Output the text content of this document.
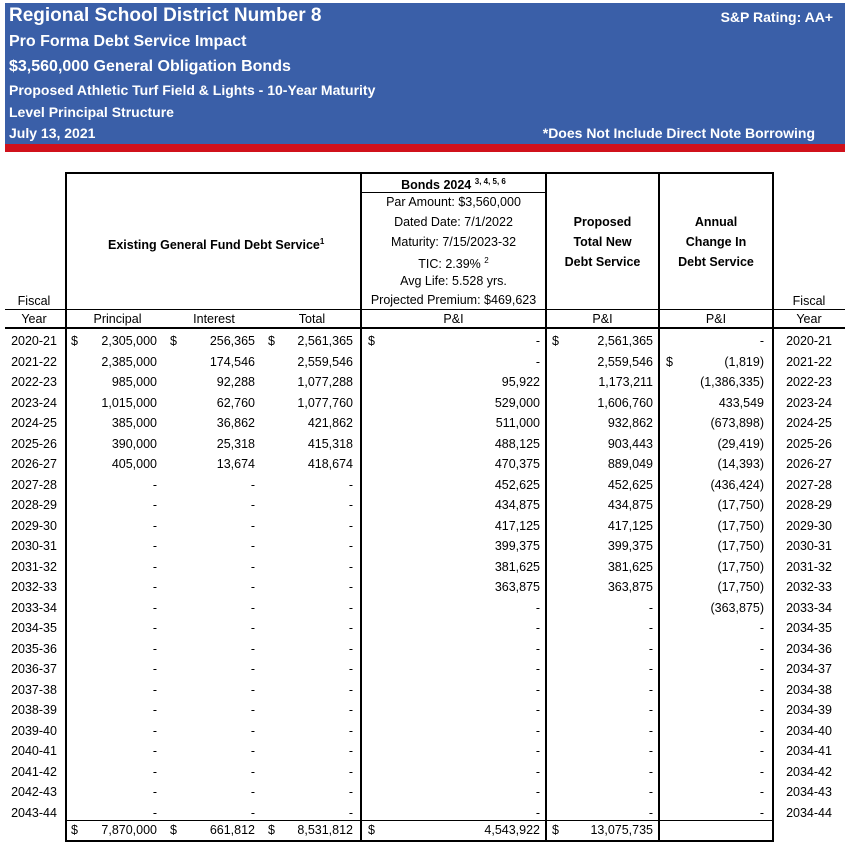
Regional School District Number 8	S&P Rating: AA+
Pro Forma Debt Service Impact
$3,560,000 General Obligation Bonds
Proposed Athletic Turf Field & Lights - 10-Year Maturity
Level Principal Structure
July 13, 2021	*Does Not Include Direct Note Borrowing
Existing General Fund Debt Service$^1$
Bonds 2024 $^{3, 4, 5, 6}$
Par Amount: $3,560,000
Dated Date: 7/1/2022
Maturity: 7/15/2023-32
TIC: 2.39% $^2$
Avg Life: 5.528 yrs.
Projected Premium: $469,623
Proposed
Total New
Debt Service
Annual
Change In
Debt Service
Fiscal
Year
Fiscal
Year
Principal	Interest	Total	P&I	P&I	P&I
2020-21	2,305,000	256,365	2,561,365	-	2,561,365	-	2020-21
$	$	$	$	$
2021-22	2,385,000	174,546	2,559,546	-	2,559,546	(1,819)	2021-22
$
2022-23	985,000	92,288	1,077,288	95,922	1,173,211	(1,386,335)	2022-23
2023-24	1,015,000	62,760	1,077,760	529,000	1,606,760	433,549	2023-24
2024-25	385,000	36,862	421,862	511,000	932,862	(673,898)	2024-25
2025-26	390,000	25,318	415,318	488,125	903,443	(29,419)	2025-26
2026-27	405,000	13,674	418,674	470,375	889,049	(14,393)	2026-27
2027-28	-	-	-	452,625	452,625	(436,424)	2027-28
2028-29	-	-	-	434,875	434,875	(17,750)	2028-29
2029-30	-	-	-	417,125	417,125	(17,750)	2029-30
2030-31	-	-	-	399,375	399,375	(17,750)	2030-31
2031-32	-	-	-	381,625	381,625	(17,750)	2031-32
2032-33	-	-	-	363,875	363,875	(17,750)	2032-33
2033-34	-	-	-	-	-	(363,875)	2033-34
2034-35	-	-	-	-	-	-	2034-35
2035-36	-	-	-	-	-	-	2034-36
2036-37	-	-	-	-	-	-	2034-37
2037-38	-	-	-	-	-	-	2034-38
2038-39	-	-	-	-	-	-	2034-39
2039-40	-	-	-	-	-	-	2034-40
2040-41	-	-	-	-	-	-	2034-41
2041-42	-	-	-	-	-	-	2034-42
2042-43	-	-	-	-	-	-	2034-43
2043-44	-	-	-	-	-	-	2034-44
$	7,870,000 $	661,812 $	8,531,812 $	4,543,922 $	13,075,735
